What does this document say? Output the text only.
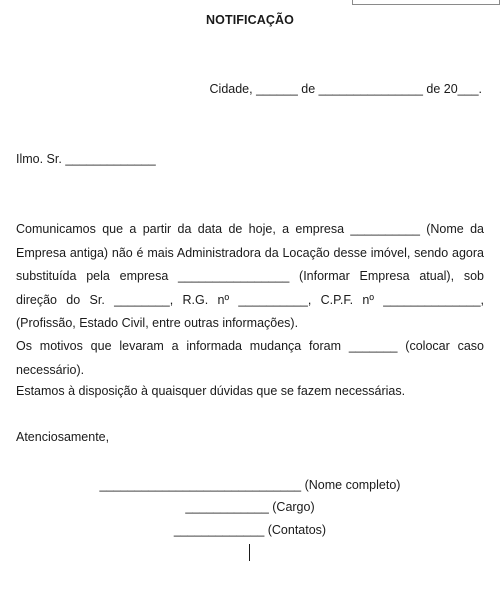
NOTIFICAÇÃO
Cidade, ______ de _______________ de 20___.
Ilmo. Sr. _____________

Comunicamos que a partir da data de hoje, a empresa __________ (Nome da Empresa antiga) não é mais Administradora da Locação desse imóvel, sendo agora substituída pela empresa ________________ (Informar Empresa atual), sob direção do Sr. ________, R.G. nº __________, C.P.F. nº ______________, (Profissão, Estado Civil, entre outras informações).

Os motivos que levaram a informada mudança foram _______ (colocar caso necessário).

Estamos à disposição à quaisquer dúvidas que se fazem necessárias.

Atenciosamente,

_____________________________ (Nome completo)
____________ (Cargo)
_____________ (Contatos)
